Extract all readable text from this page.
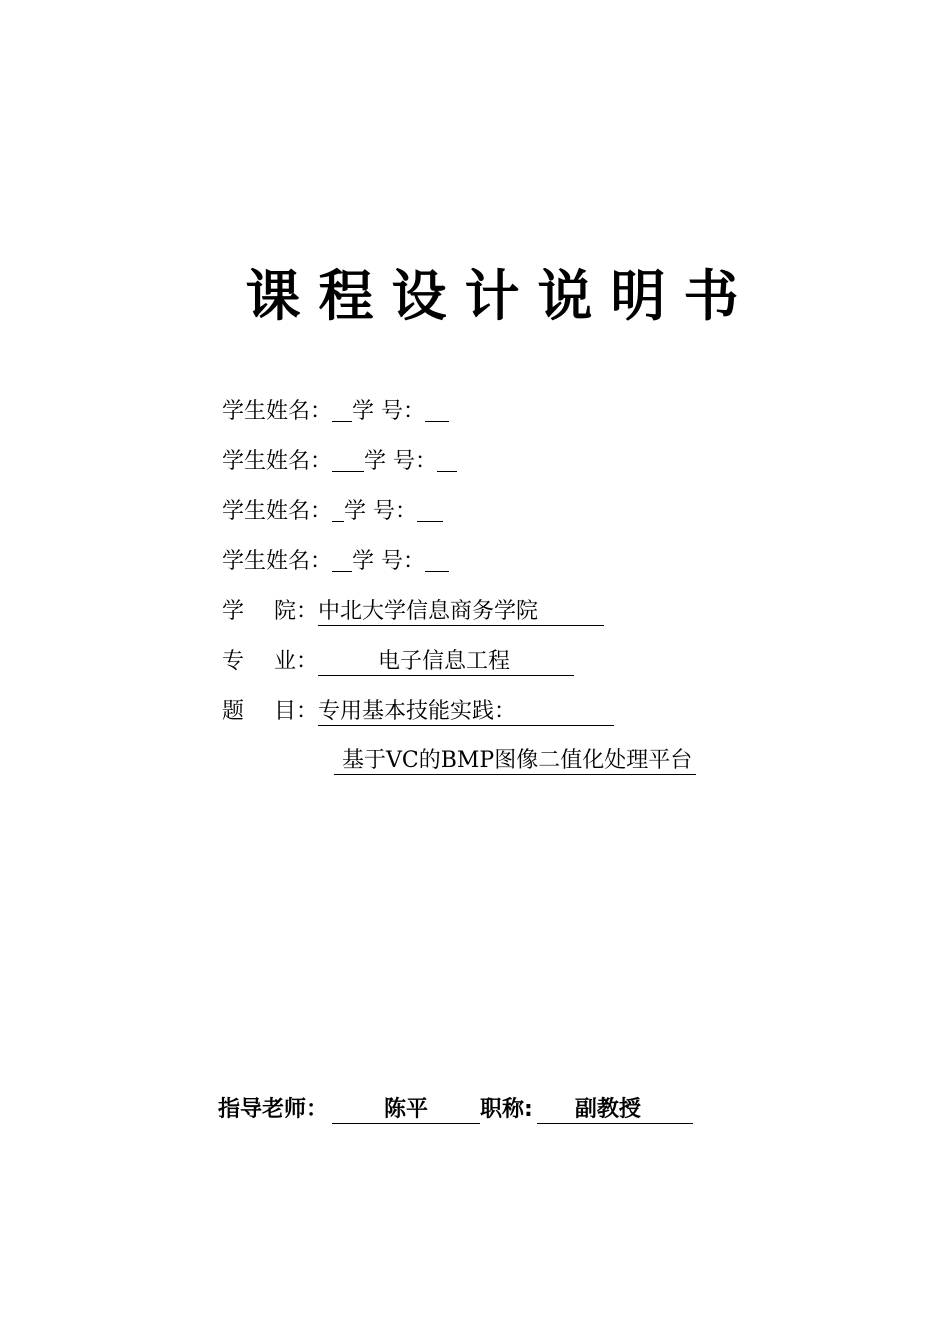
课程设计说明书
学生姓名： 学 号：
学生姓名： 学 号：
学生姓名： 学 号：
学生姓名： 学 号：
学 院：中北大学信息商务学院
专 业：	电子信息工程
题 目：专用基本技能实践：
基于VC的BMP图像二值化处理平台
指导老师：	陈平 职称: 副教授
